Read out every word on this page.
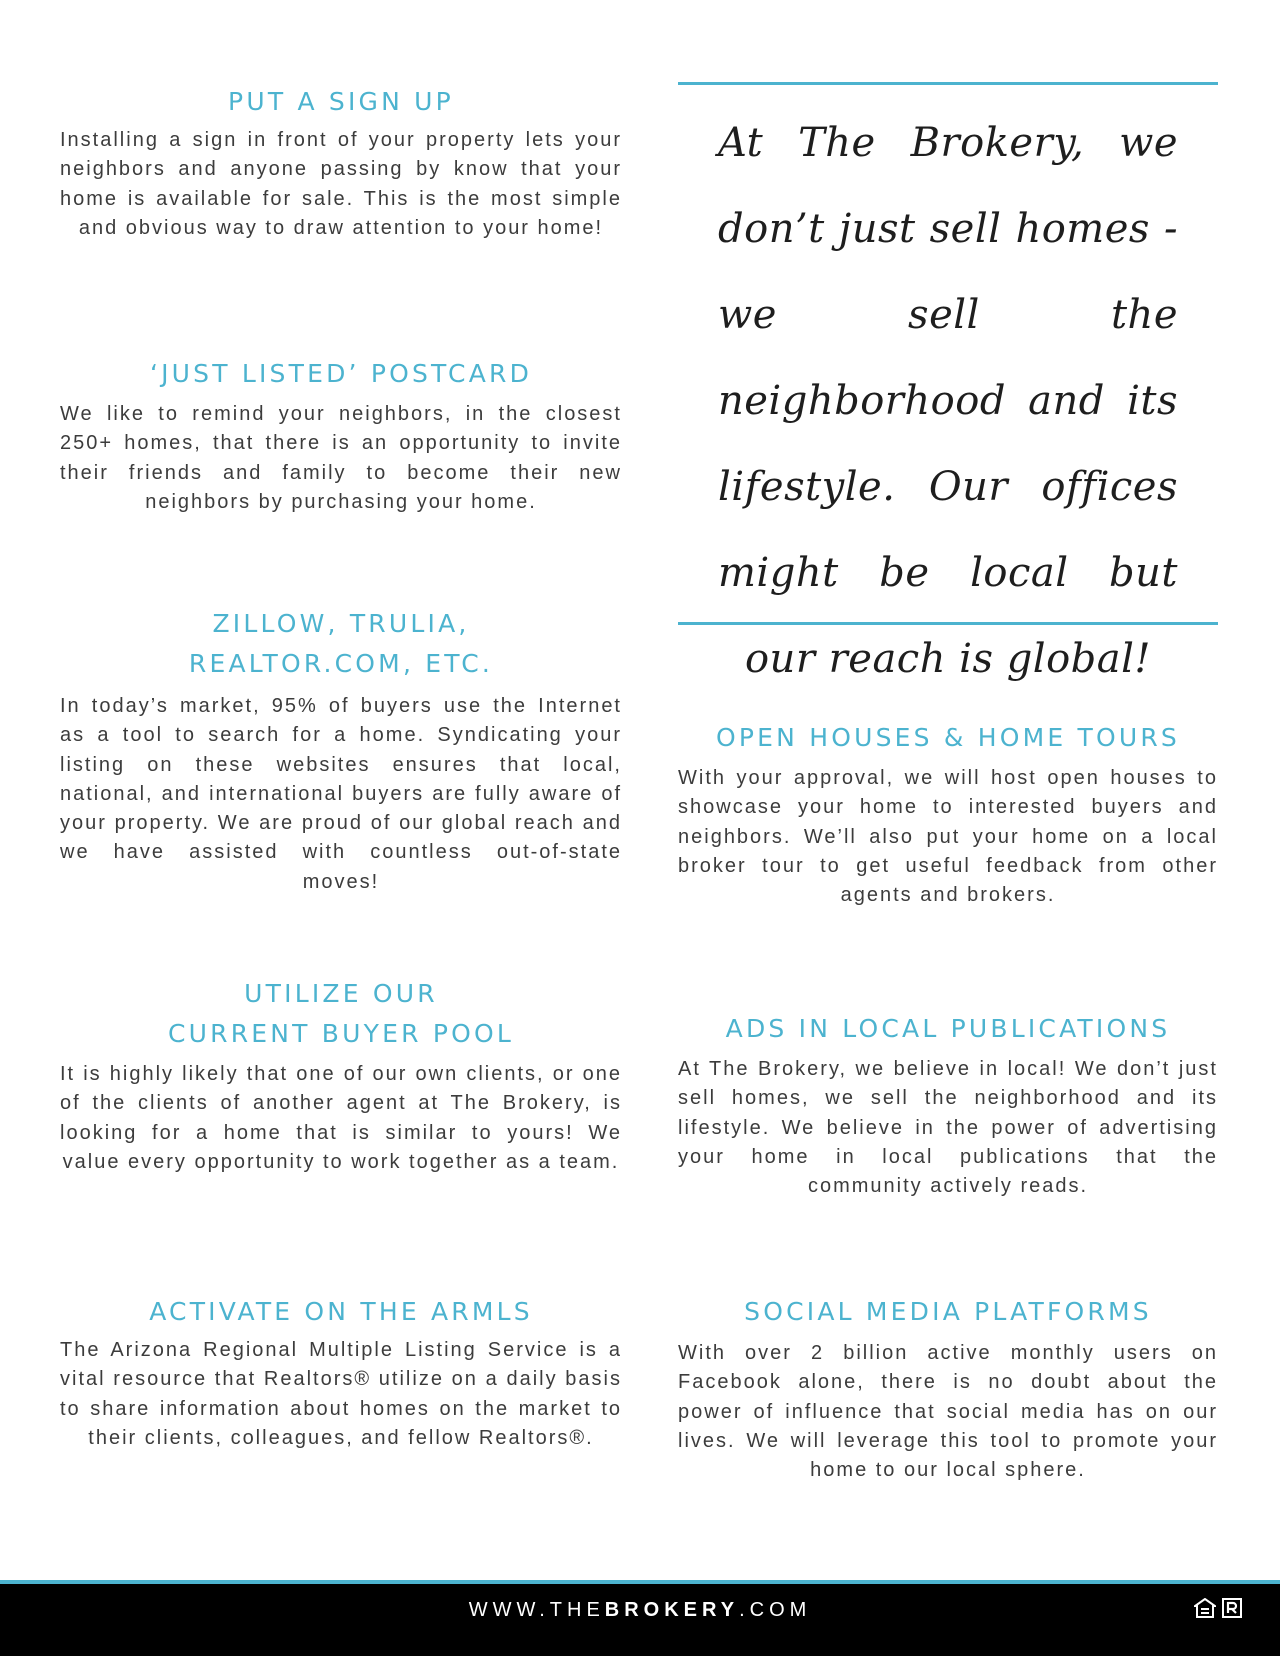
PUT A SIGN UP

Installing a sign in front of your property lets your neighbors and anyone passing by know that your home is available for sale. This is the most simple and obvious way to draw attention to your home!

‘JUST LISTED’ POSTCARD

We like to remind your neighbors, in the closest 250+ homes, that there is an opportunity to invite their friends and family to become their new neighbors by purchasing your home.

ZILLOW, TRULIA,
REALTOR.COM, ETC.

In today’s market, 95% of buyers use the Internet as a tool to search for a home. Syndicating your listing on these websites ensures that local, national, and international buyers are fully aware of your property. We are proud of our global reach and we have assisted with countless out-of-state moves!

UTILIZE OUR
CURRENT BUYER POOL

It is highly likely that one of our own clients, or one of the clients of another agent at The Brokery, is looking for a home that is similar to yours! We value every opportunity to work together as a team.

ACTIVATE ON THE ARMLS

The Arizona Regional Multiple Listing Service is a vital resource that Realtors® utilize on a daily basis to share information about homes on the market to their clients, colleagues, and fellow Realtors®.

At The Brokery, we don’t just sell homes - we sell the neighborhood and its lifestyle. Our offices might be local but our reach is global!
OPEN HOUSES & HOME TOURS

With your approval, we will host open houses to showcase your home to interested buyers and neighbors. We’ll also put your home on a local broker tour to get useful feedback from other agents and brokers.

ADS IN LOCAL PUBLICATIONS

At The Brokery, we believe in local! We don’t just sell homes, we sell the neighborhood and its lifestyle. We believe in the power of advertising your home in local publications that the community actively reads.

SOCIAL MEDIA PLATFORMS

With over 2 billion active monthly users on Facebook alone, there is no doubt about the power of influence that social media has on our lives. We will leverage this tool to promote your home to our local sphere.

WWW.THEBROKERY.COM
